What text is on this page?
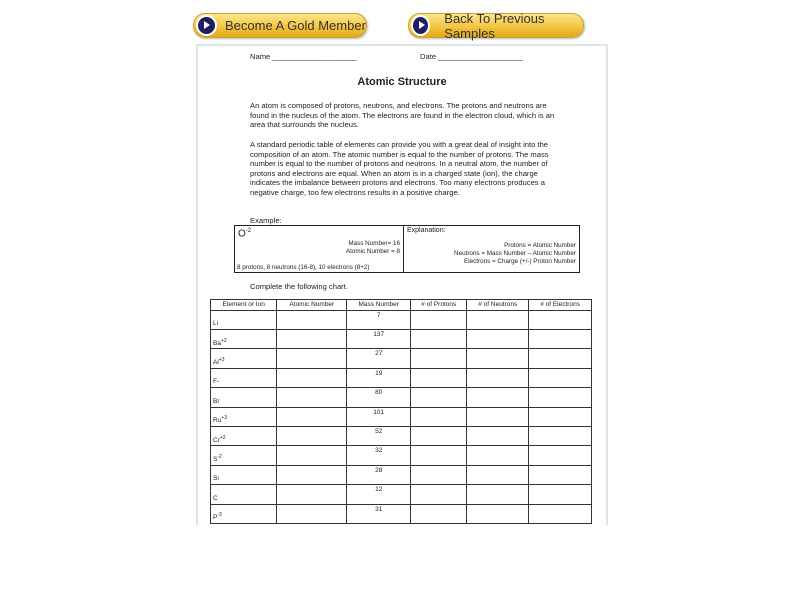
Become A Gold Member	Back To Previous Samples
Name ____________________	Date ____________________
Atomic Structure
An atom is composed of protons, neutrons, and electrons. The protons and neutrons are found in the nucleus of the atom. The electrons are found in the electron cloud, which is an area that surrounds the nucleus.
A standard periodic table of elements can provide you with a great deal of insight into the composition of an atom. The atomic number is equal to the number of protons. The mass number is equal to the number of protons and neutrons. In a neutral atom, the number of protons and electrons are equal. When an atom is in a charged state (ion), the charge indicates the imbalance between protons and electrons. Too many electrons produces a negative charge, too few electrons results in a positive charge.
Example:
$O^{-2}$
Mass Number= 16
Atomic Number = 8
8 protons, 8 neutrons (16-8), 10 electrons (8+2)
Explanation:
Protons = Atomic Number
Neutrons = Mass Number – Atomic Number
Electrons = Charge (+/-) Proton Number
Complete the following chart.
Element or Ion	Atomic Number	Mass Number	# of Protons	# of Neutrons	# of Electrons
Li		7			
$Ba^{+2}$		137			
$Al^{+3}$		27			
F-		19			
Br		80			
$Ru^{+3}$		101			
$Cr^{+2}$		52			
$S^{-2}$		32			
Si		28			
C		12			
$P^{-3}$		31			
